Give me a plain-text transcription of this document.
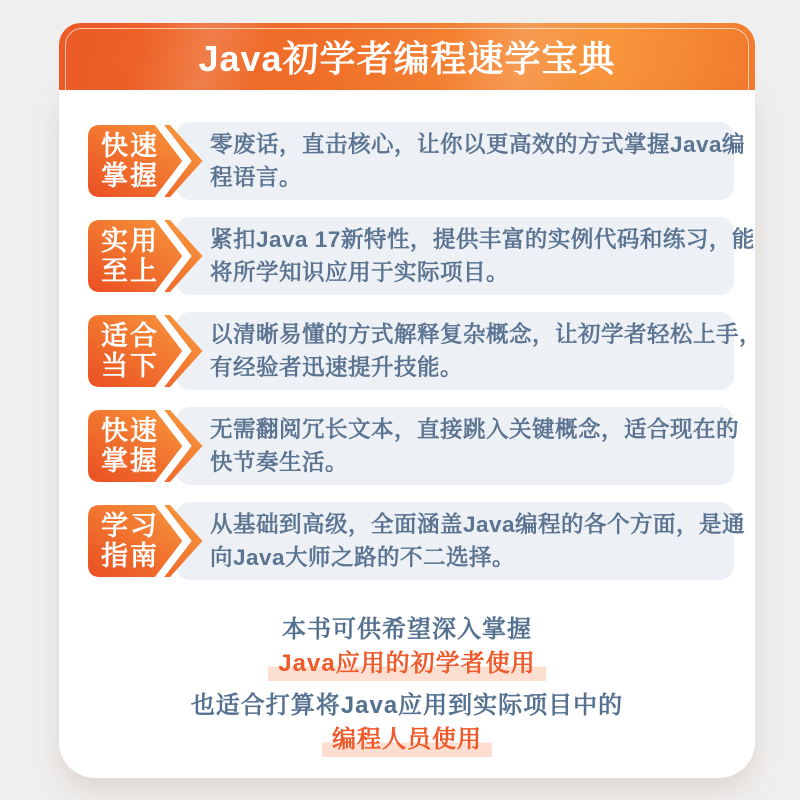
Java初学者编程速学宝典
零废话，直击核心，让你以更高效的方式掌握Java编
程语言。
快速
掌握
紧扣Java 17新特性，提供丰富的实例代码和练习，能
将所学知识应用于实际项目。
实用
至上
以清晰易懂的方式解释复杂概念，让初学者轻松上手，
有经验者迅速提升技能。
适合
当下
无需翻阅冗长文本，直接跳入关键概念，适合现在的
快节奏生活。
快速
掌握
从基础到高级，全面涵盖Java编程的各个方面，是通
向Java大师之路的不二选择。
学习
指南
本书可供希望深入掌握
Java应用的初学者使用
也适合打算将Java应用到实际项目中的
编程人员使用
